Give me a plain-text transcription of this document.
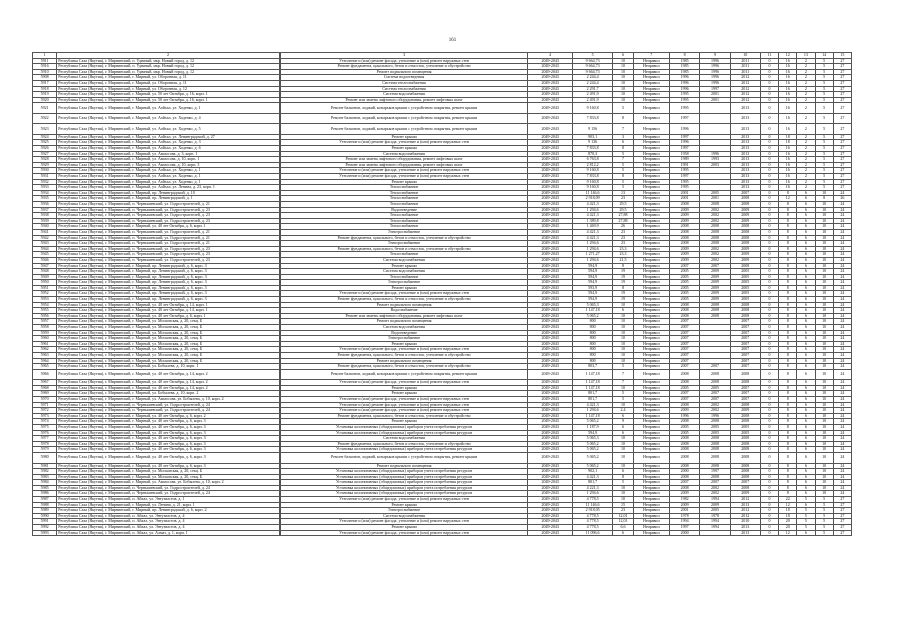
161
1	2		3	4	5	6	7	8	9	10	11	12	13	14	15
5911	Республика Саха (Якутия), г. Мирнинский, п. Удачный, мкр. Новый город, д. 12		Утепление и (или) ремонт фасада, утепление и (или) ремонт наружных стен	2049-2043	9 664,73	10	Неправил	1985	1996	2011	0	16	2	5	27
5916	Республика Саха (Якутия), г. Мирнинский, п. Удачный, мкр. Новый город, д. 12		Ремонт фундамента, цокольного, бетон и отмосток, утепление и обустройство	2049-2043	9 664,73	10	Неправил	1985	1996	2011	0	16	2	5	27
5910	Республика Саха (Якутия), г. Мирнинский, п. Удачный, мкр. Новый город, д. 12		Ремонт подвального помещения	2049-2043	9 664,73	10	Неправил	1985	1996	2011	0	16	2	5	27
5908	Республика Саха (Якутия), г. Мирнинский, г. Мирный, ул. Оборонная, д. 11		Система водоотведения	2049-2043	2 244,4	10	Неправил	1996	1996	2012	0	16	2	5	27
5917	Республика Саха (Якутия), г. Мирнинский, г. Мирный, ул. Оборонная, д. 11		Система теплоснабжения	2049-2043	2 244,4	10	Неправил	1996	1996	2012	0	16	2	5	27
5918	Республика Саха (Якутия), г. Мирнинский, г. Мирный, ул. Оборонная, д. 12		Система теплоснабжения	2049-2043	2 291,7	10	Неправил	1996	1997	2012	0	16	2	5	27
5919	Республика Саха (Якутия), г. Мирнинский, г. Мирный, ул. 50 лет Октября, д. 16, корп. 1		Система водоснабжения	2049-2043	2 491,9	10	Неправил	1995	2001	2012	0	16	2	5	27
5920	Республика Саха (Якутия), г. Мирнинский, г. Мирный, ул. 50 лет Октября, д. 16, корп. 1		Ремонт или замена лифтового оборудования, ремонт лифтовых шахт	2049-2043	2 491,9	10	Неправил	1995	2001	2012	0	16	2	5	27
5921	Республика Саха (Якутия), г. Мирнинский, г. Мирный, ул. Аэйхал, ул. Ходенко, д. 1		Ремонт балконов, лоджий, козырьков крыши с устройством покрытия, ремонт крыши	2049-2043	9 160,8	5	Неправил	1995		2013	0	16	2	5	27
5922	Республика Саха (Якутия), г. Мирнинский, г. Мирный, ул. Аэйхал, ул. Ходенко, д. 4		Ремонт балконов, лоджий, козырьков крыши с устройством покрытия, ремонт крыши	2049-2043	7 833,8	8	Неправил	1997		2013	0	16	2	5	27
5923	Республика Саха (Якутия), г. Мирнинский, г. Мирный, ул. Аэйхал, ул. Ходенко, д. 5		Ремонт балконов, лоджий, козырьков крыши с устройством покрытия, ремонт крыши	2049-2043	9 156	7	Неправил	1996		2013	0	16	2	5	27
5924	Республика Саха (Якутия), г. Мирнинский, г. Мирный, ул. Аэйхал, ул. Ленинградский, д. 27		Ремонт крыши	2049-2043	903,1	3	Неправил	1997		2013	0	18	2	5	27
5925	Республика Саха (Якутия), г. Мирнинский, г. Мирный, ул. Аэйхал, ул. Ходенко, д. 3		Утепление и (или) ремонт фасада, утепление и (или) ремонт наружных стен	2049-2043	9 136	6	Неправил	1996		2013	0	18	2	5	27
5926	Республика Саха (Якутия), г. Мирнинский, г. Мирный, ул. Аэйхал, ул. Ходенко, д. 6		Ремонт крыши	2049-2043	7 833,8	8	Неправил	1997		2013	0	16	2	5	27
5927	Республика Саха (Якутия), г. Мирнинский, г. Мирный, ул. Аммосова, д. 3, корп. 1		Система водоснабжения	2049-2043	870,3	5	Неправил	1958	1996	2013	0	16	2	5	27
5928	Республика Саха (Якутия), г. Мирнинский, г. Мирный, ул. Аммосова, д. 10, корп. 1		Ремонт или замена лифтового оборудования, ремонт лифтовых шахт	2049-2043	6 763,8	7	Неправил	1989	1993	2013	0	16	2	5	27
5929	Республика Саха (Якутия), г. Мирнинский, г. Мирный, ул. Аммосова, д. 10, корп. 3		Ремонт или замена лифтового оборудования, ремонт лифтовых шахт	2049-2043	2 812,2	5	Неправил	1991	2003	2013	0	16	2	5	27
5930	Республика Саха (Якутия), г. Мирнинский, г. Мирный, ул. Аэйхал, ул. Ходенко, д. 1		Утепление и (или) ремонт фасада, утепление и (или) ремонт наружных стен	2049-2043	9 160,8	5	Неправил	1995		2013	0	16	2	5	27
5931	Республика Саха (Якутия), г. Мирнинский, г. Мирный, ул. Аэйхал, ул. Ходенко, д. 1		Утепление и (или) ремонт фасада, утепление и (или) ремонт наружных стен	2049-2043	7 833,8	8	Неправил	1997		2013	0	16	2	5	27
5932	Республика Саха (Якутия), г. Мирнинский, г. Мирный, ул. Аэйхал, ул. Ходенко, д. 1		Ремонт крыши	2049-2043	9 160,8	5	Неправил	1995		2013	0	16	2	5	27
5933	Республика Саха (Якутия), г. Мирнинский, г. Мирный, ул. Аэйхал, ул. Ленина, д. 23, корп. 1		Теплоснабжение	2049-2043	9 160,8	5	Неправил	1995		2013	0	16	2	5	27
5934	Республика Саха (Якутия), г. Мирнинский, г. Мирный, пр. Ленинградский, д. 10		Теплоснабжение	2049-2043	11 146,6	13	Неправил	2001	2005	2007	0	8	6	10	24
5935	Республика Саха (Якутия), г. Мирнинский, г. Мирный, пр. Ленинградский, д. 1		Теплоснабжение	2049-2043	2 918,09	23	Неправил	2001	2001	2008	0	12	6	8	26
5936	Республика Саха (Якутия), г. Мирнинский, п. Чернышевский, ул. Гидростроителей, д. 21		Теплоснабжение	2049-2043	4 421,3	29,5	Неправил	2008	2008	2008	0	8	6	10	24
5937	Республика Саха (Якутия), г. Мирнинский, п. Чернышевский, ул. Гидростроителей, д. 23		Водоотведение	2049-2043	1 294,6	29,5	Неправил	2009	2002	2009	0	8	6	10	24
5938	Республика Саха (Якутия), г. Мирнинский, п. Чернышевский, ул. Гидростроителей, д. 23		Теплоснабжение	2049-2043	4 421,3	27,88	Неправил	2009	2002	2009	0	8	6	10	24
5939	Республика Саха (Якутия), г. Мирнинский, п. Чернышевский, ул. Гидростроителей, д. 23		Теплоснабжение	2049-2043	1 389,8	27,88	Неправил	2009	2002	2009	0	8	6	10	24
5940	Республика Саха (Якутия), г. Мирнинский, г. Мирный, ул. 40 лет Октября, д. 6, корп. 1		Теплоснабжение	2049-2043	1 469,9	26	Неправил	2008	2008	2008	0	8	6	10	24
5941	Республика Саха (Якутия), г. Мирнинский, п. Чернышевский, ул. Гидростроителей, д. 21		Электроснабжение	2049-2043	4 421,3	23	Неправил	2008	2008	2008	0	8	6	10	24
5942	Республика Саха (Якутия), г. Мирнинский, п. Чернышевский, ул. Гидростроителей, д. 21		Ремонт фундамента, цокольного, бетон и отмосток, утепление и обустройство	2049-2043	4 421,3	23	Неправил	2008	2008	2008	0	8	6	10	24
5943	Республика Саха (Якутия), г. Мирнинский, п. Чернышевский, ул. Гидростроителей, д. 21		Электроснабжение	2049-2043	1 294,6	23	Неправил	2008	2008	2008	0	8	6	10	24
5944	Республика Саха (Якутия), г. Мирнинский, п. Чернышевский, ул. Гидростроителей, д. 23		Ремонт фундамента, цокольного, бетон и отмосток, утепление и обустройство	2049-2043	1 294,6	23,3	Неправил	2009	2002	2009	0	8	6	10	24
5945	Республика Саха (Якутия), г. Мирнинский, п. Чернышевский, ул. Гидростроителей, д. 23		Теплоснабжение	2049-2043	1 271,27	23,3	Неправил	2009	2002	2009	0	8	6	10	24
5946	Республика Саха (Якутия), г. Мирнинский, п. Чернышевский, ул. Гидростроителей, д. 23		Система водоснабжения	2049-2043	1 294,6	21,5	Неправил	2009	2002	2009	0	8	6	10	24
5947	Республика Саха (Якутия), г. Мирнинский, г. Мирный, пр. Ленинградский, д. 6, корп. 3		Ремонт крыши	2049-2043	594,9	8	Неправил	2007	2007	2008	0	8	6	10	24
5948	Республика Саха (Якутия), г. Мирнинский, г. Мирный, пр. Ленинградский, д. 6, корп. 3		Система водоснабжения	2049-2043	594,9	19	Неправил	2005	2009	2005	0	8	6	10	24
5949	Республика Саха (Якутия), г. Мирнинский, г. Мирный, пр. Ленинградский, д. 6, корп. 3		Теплоснабжение	2049-2043	594,9	19	Неправил	2005	2009	2005	0	8	6	10	24
5950	Республика Саха (Якутия), г. Мирнинский, г. Мирный, пр. Ленинградский, д. 6, корп. 3		Электроснабжение	2049-2043	594,9	19	Неправил	2005	2009	2005	0	8	6	10	24
5951	Республика Саха (Якутия), г. Мирнинский, г. Мирный, пр. Ленинградский, д. 6, корп. 3		Ремонт крыши	2049-2043	593,9	8	Неправил	2005	2009	2005	0	8	6	10	24
5952	Республика Саха (Якутия), г. Мирнинский, г. Мирный, пр. Ленинградский, д. 6, корп. 3		Утепление и (или) ремонт фасада, утепление и (или) ремонт наружных стен	2049-2043	594,9	19	Неправил	2005	2009	2005	0	8	6	10	24
5953	Республика Саха (Якутия), г. Мирнинский, г. Мирный, пр. Ленинградский, д. 6, корп. 3		Ремонт фундамента, цокольного, бетон и отмосток, утепление и обустройство	2049-2043	594,9	19	Неправил	2005	2009	2005	0	8	6	10	24
5954	Республика Саха (Якутия), г. Мирнинский, г. Мирный, ул. 40 лет Октября, д. 14, корп. 1		Ремонт подвального помещения	2049-2043	5 065,3	10	Неправил	2008	2008	2008	0	8	6	10	24
5955	Республика Саха (Якутия), г. Мирнинский, г. Мирный, ул. 40 лет Октября, д. 14, корп. 1		Водоснабжение	2049-2043	1 147,18	6	Неправил	2008	2008	2008	0	8	6	10	24
5956	Республика Саха (Якутия), г. Мирнинский, г. Мирный, ул. 40 лет Октября, д. 6, корп. 1		Ремонт или замена лифтового оборудования, ремонт лифтовых шахт	2049-2043	5 065,2	10	Неправил	2008	2008	2008	0	8	6	10	24
5957	Республика Саха (Якутия), г. Мирнинский, г. Мирный, ул. Московская, д. 20, секц. Б		Ремонт подвального помещения	2049-2043	800	10	Неправил	2007		2007	0	8	6	10	24
5958	Республика Саха (Якутия), г. Мирнинский, г. Мирный, ул. Московская, д. 20, секц. Б		Система водоснабжения	2049-2043	800	10	Неправил	2007		2007	0	8	6	10	24
5959	Республика Саха (Якутия), г. Мирнинский, г. Мирный, ул. Московская, д. 20, секц. Б		Водоотведение	2049-2043	800	10	Неправил	2007		2007	0	8	6	10	24
5960	Республика Саха (Якутия), г. Мирнинский, г. Мирный, ул. Московская, д. 20, секц. Б		Электроснабжение	2049-2043	800	10	Неправил	2007		2007	0	8	6	10	24
5961	Республика Саха (Якутия), г. Мирнинский, г. Мирный, ул. Московская, д. 20, секц. Б		Ремонт крыши	2049-2043	800	10	Неправил	2007		2007	0	8	6	10	24
5962	Республика Саха (Якутия), г. Мирнинский, г. Мирный, ул. Московская, д. 20, секц. Б		Утепление и (или) ремонт фасада, утепление и (или) ремонт наружных стен	2049-2043	800	10	Неправил	2007		2007	0	8	6	10	24
5963	Республика Саха (Якутия), г. Мирнинский, г. Мирный, ул. Московская, д. 20, секц. Б		Ремонт фундамента, цокольного, бетон и отмосток, утепление и обустройство	2049-2043	800	10	Неправил	2007		2007	0	8	6	10	24
5964	Республика Саха (Якутия), г. Мирнинский, г. Мирный, ул. Московская, д. 20, секц. Б		Ремонт подвального помещения	2049-2043	800	10	Неправил	2007		2007	0	8	6	10	24
5965	Республика Саха (Якутия), г. Мирнинский, г. Мирный, ул. Бобылева, д. 10, корп. 1		Ремонт фундамента, цокольного, бетон и отмосток, утепление и обустройство	2049-2043	803,7	5	Неправил	2007	2007	2007	0	8	6	10	24
5966	Республика Саха (Якутия), г. Мирнинский, г. Мирный, ул. 40 лет Октября, д. 14, корп. 2		Ремонт балконов, лоджий, козырьков крыши с устройством покрытия, ремонт крыши	2049-2043	1 147,18	7	Неправил	2008	2008	2008	0	8	6	10	24
5967	Республика Саха (Якутия), г. Мирнинский, г. Мирный, ул. 40 лет Октября, д. 14, корп. 2		Утепление и (или) ремонт фасада, утепление и (или) ремонт наружных стен	2049-2043	1 147,18	7	Неправил	2008	2008	2008	0	8	6	10	24
5968	Республика Саха (Якутия), г. Мирнинский, г. Мирный, ул. 40 лет Октября, д. 14, корп. 2		Ремонт крыши	2049-2043	1 147,18	10	Неправил	2005	2005	2007	0	8	6	10	24
5969	Республика Саха (Якутия), г. Мирнинский, г. Мирный, ул. Бобылева, д. 10, корп. 2		Ремонт крыши	2049-2043	801,7	5	Неправил	2007	2007	2007	0	8	6	10	24
5970	Республика Саха (Якутия), г. Мирнинский, г. Мирный, ул. Аммосова, ул. Бобылева, д. 10, корп. 2		Утепление и (или) ремонт фасада, утепление и (или) ремонт наружных стен	2049-2043	801,7	5	Неправил	2007	2007	2007	0	8	6	10	24
5971	Республика Саха (Якутия), г. Мирнинский, п. Чернышевский, ул. Гидростроителей, д. 24		Утепление и (или) ремонт фасада, утепление и (или) ремонт наружных стен	2049-2043	4 421,3	10	Неправил	2008	2002	2008	0	8	6	10	24
5972	Республика Саха (Якутия), г. Мирнинский, п. Чернышевский, ул. Гидростроителей, д. 24		Утепление и (или) ремонт фасада, утепление и (или) ремонт наружных стен	2049-2043	1 294,6	2,4	Неправил	2009	2002	2009	0	8	6	10	24
5973	Республика Саха (Якутия), г. Мирнинский, г. Мирный, ул. 40 лет Октября, д. 6, корп. 2		Ремонт фундамента, цокольного, бетон и отмосток, утепление и обустройство	2049-2043	1 147,18	6	Неправил	1996	1996	2008	0	8	6	10	24
5974	Республика Саха (Якутия), г. Мирнинский, г. Мирный, ул. 40 лет Октября, д. 6, корп. 3		Ремонт крыши	2049-2043	5 065,2	9	Неправил	2008	2008	2008	0	8	6	10	24
5975	Республика Саха (Якутия), г. Мирнинский, г. Мирный, ул. 40 лет Октября, д. 6, корп. 3		Установка коллективных (общедомовых) приборов учета потребления ресурсов	2049-2043	1 187,9	6	Неправил	2005	2005	2005	0	8	6	10	24
5976	Республика Саха (Якутия), г. Мирнинский, г. Мирный, ул. 40 лет Октября, д. 6, корп. 3		Установка коллективных (общедомовых) приборов учета потребления ресурсов	2049-2043	594,9	6	Неправил	2005	2005	2005	0	8	6	10	24
5977	Республика Саха (Якутия), г. Мирнинский, г. Мирный, ул. 40 лет Октября, д. 6, корп. 3		Система водоснабжения	2049-2043	5 065,3	10	Неправил	2008	2008	2008	0	8	6	10	24
5978	Республика Саха (Якутия), г. Мирнинский, г. Мирный, ул. 40 лет Октября, д. 6, корп. 3		Ремонт фундамента, цокольного, бетон и отмосток, утепление и обустройство	2049-2043	5 065,2	10	Неправил	2008	2008	2008	0	8	6	10	24
5979	Республика Саха (Якутия), г. Мирнинский, г. Мирный, ул. 40 лет Октября, д. 6, корп. 3		Установка коллективных (общедомовых) приборов учета потребления ресурсов	2049-2043	5 065,2	10	Неправил	2008	2008	2008	0	8	6	10	24
5980	Республика Саха (Якутия), г. Мирнинский, г. Мирный, ул. 40 лет Октября, д. 6, корп. 3		Ремонт балконов, лоджий, козырьков крыши с устройством покрытия, ремонт крыши	2049-2043	5 065,2	10	Неправил	2008	2008	2008	0	8	6	10	24
5981	Республика Саха (Якутия), г. Мирнинский, г. Мирный, ул. 40 лет Октября, д. 6, корп. 3		Ремонт подвального помещения	2049-2043	5 065,2	10	Неправил	2008	2008	2008	0	8	6	10	24
5982	Республика Саха (Якутия), г. Мирнинский, г. Мирный, ул. Московская, д. 20, секц. Б		Установка коллективных (общедомовых) приборов учета потребления ресурсов	2049-2043	902,1	6	Неправил	2000	1997	2008	0	8	6	10	24
5983	Республика Саха (Якутия), г. Мирнинский, г. Мирный, ул. Московская, д. 20, секц. Б		Установка коллективных (общедомовых) приборов учета потребления ресурсов	2049-2043	4 421,3	8	Неправил	2008	2008	2008	0	8	6	10	24
5984	Республика Саха (Якутия), г. Мирнинский, г. Мирный, ул. Аммосова, ул. Бобылева, д. 10, корп. 2		Установка коллективных (общедомовых) приборов учета потребления ресурсов	2049-2043	801,7	5	Неправил	2007	2007	2007	0	8	6	10	24
5985	Республика Саха (Якутия), г. Мирнинский, п. Чернышевский, ул. Гидростроителей, д. 24		Установка коллективных (общедомовых) приборов учета потребления ресурсов	2049-2043	4 221,3	10	Неправил	2008	2002	2008	0	8	6	10	24
5986	Республика Саха (Якутия), г. Мирнинский, п. Чернышевский, ул. Гидростроителей, д. 24		Установка коллективных (общедомовых) приборов учета потребления ресурсов	2049-2043	1 294,6	10	Неправил	2009	2002	2009	0	8	6	10	24
5987	Республика Саха (Якутия), г. Мирнинский, п. Айхал, ул. Энтузиастов, д. 1		Утепление и (или) ремонт фасада, утепление и (или) ремонт наружных стен	2049-2043	4 778,5	10	Неправил	1982	1994	2012	0	22	5	5	27
5988	Республика Саха (Якутия), г. Мирнинский, г. Мирный, ул. Ленина, д. 21, корп. 1		Ремонт крыши	2049-2043	11 146,6	15	Неправил	2009	2009	2013	0	12	6	5	27
5989	Республика Саха (Якутия), г. Мирнинский, г. Мирный, пр. Ленинградский, д. 6, корп. 2		Электроснабжение	2049-2043	2 918,05	23	Неправил	2001	2005	2012	0	18	5	5	27
5990	Республика Саха (Якутия), г. Мирнинский, п. Айхал, ул. Энтузиастов, д. 4		Система водоснабжения	2049-2043	4 778,5	12,01	Неправил	1978	1978	2012	0	18	5	5	27
5991	Республика Саха (Якутия), г. Мирнинский, п. Айхал, ул. Энтузиастов, д. 4		Утепление и (или) ремонт фасада, утепление и (или) ремонт наружных стен	2049-2043	4 778,5	12,01	Неправил	1994	1994	2010	0	20	5	5	27
5992	Республика Саха (Якутия), г. Мирнинский, п. Айхал, ул. Энтузиастов, д. 4		Ремонт крыши	2049-2043	4 778,5	6,6	Неправил	1997	1994	2013	0	20	5	5	27
5993	Республика Саха (Якутия), г. Мирнинский, п. Айхал, ул. Алмаз, д. 1, корп. 1		Утепление и (или) ремонт фасада, утепление и (или) ремонт наружных стен	2049-2043	11 096,6	6	Неправил	2000		2013	0	12	6	5	27
